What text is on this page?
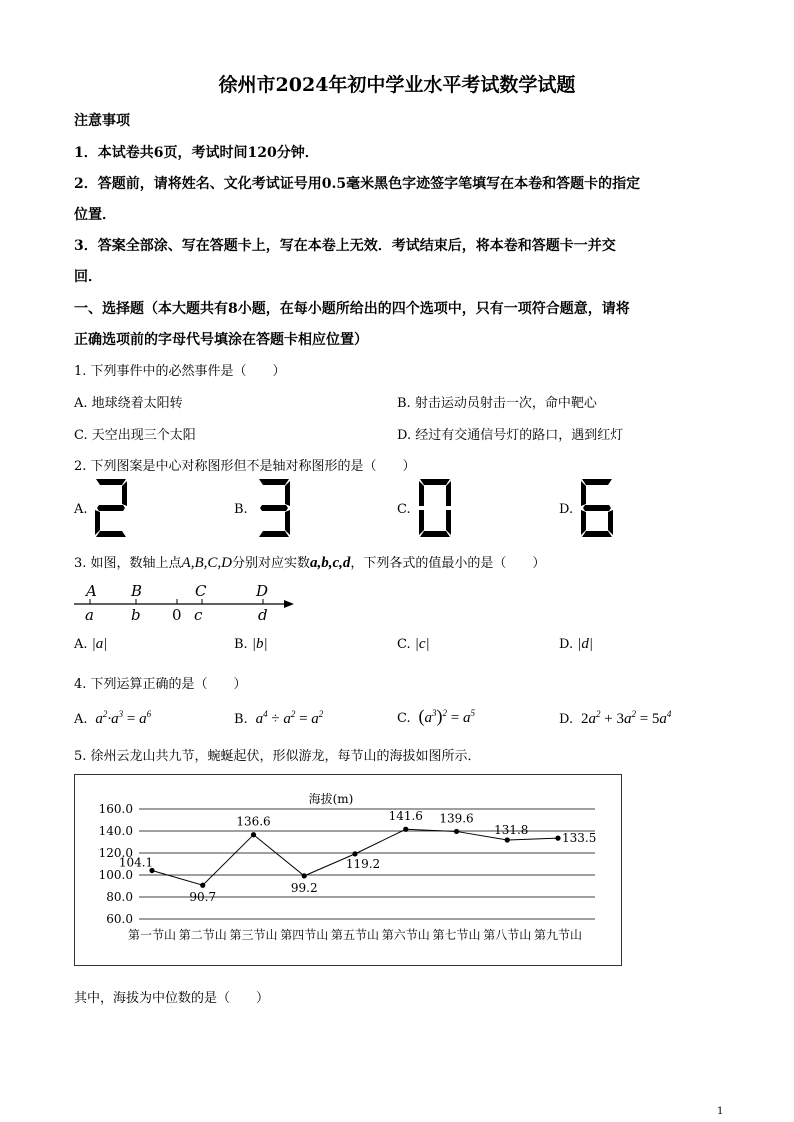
徐州市2024年初中学业水平考试数学试题
注意事项
1．本试卷共6页，考试时间120分钟．
2．答题前，请将姓名、文化考试证号用0.5毫米黑色字迹签字笔填写在本卷和答题卡的指定
位置．
3．答案全部涂、写在答题卡上，写在本卷上无效．考试结束后，将本卷和答题卡一并交
回．
一、选择题（本大题共有8小题，在每小题所给出的四个选项中，只有一项符合题意，请将
正确选项前的字母代号填涂在答题卡相应位置）
1. 下列事件中的必然事件是（　　）
A. 地球绕着太阳转	B. 射击运动员射击一次，命中靶心
C. 天空出现三个太阳	D. 经过有交通信号灯的路口，遇到红灯
2. 下列图案是中心对称图形但不是轴对称图形的是（　　）
A.	B.	C.	D.
3. 如图，数轴上点A,B,C,D分别对应实数a,b,c,d，下列各式的值最小的是（　　）
A B	C	D
a b 0 c	d
A. |a|	B. |b|	C. |c|	D. |d|
4. 下列运算正确的是（　　）
A.  $a^2\cdot a^3 = a^6$	B.  $a^4 \div a^2 = a^2$	C. $(a^3)^2 = a^5$	D. $2a^2 + 3a^2 = 5a^4$
5. 徐州云龙山共九节，蜿蜒起伏，形似游龙，每节山的海拔如图所示．
海拔(m)
160.0
140.0
120.0
100.0
80.0
60.0
第一节山 第二节山 第三节山 第四节山 第五节山 第六节山 第七节山 第八节山 第九节山
104.1
90.7
136.6
99.2
119.2
141.6 139.6
131.8
133.5
其中，海拔为中位数的是（　　）
1
